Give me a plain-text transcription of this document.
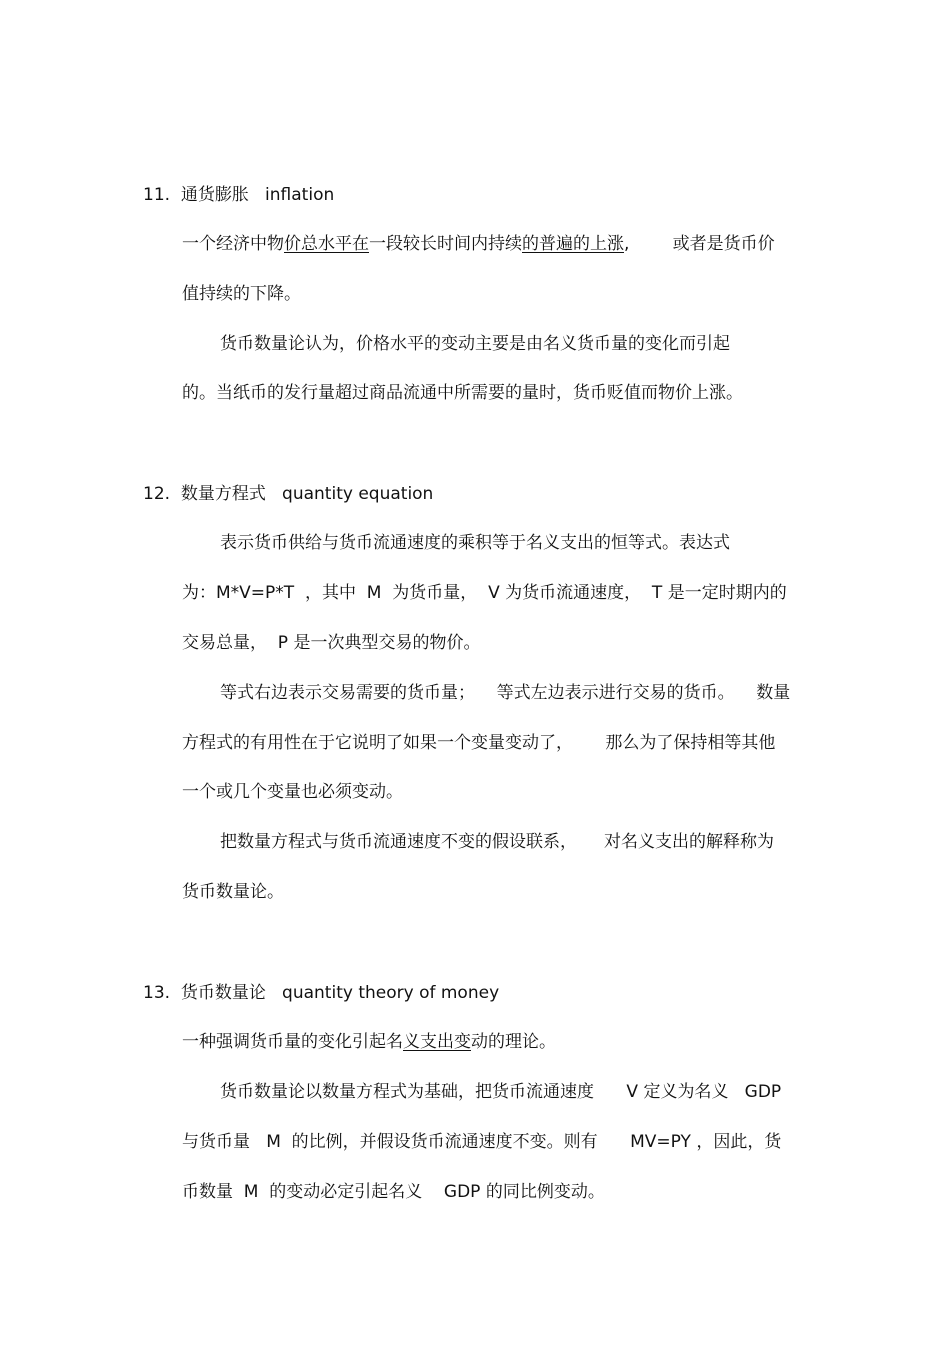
11.  通货膨胀   inflation
一个经济中物价总水平在一段较长时间内持续的普遍的上涨,        或者是货币价
值持续的下降。
货币数量论认为，价格水平的变动主要是由名义货币量的变化而引起
的。当纸币的发行量超过商品流通中所需要的量时，货币贬值而物价上涨。
12.  数量方程式   quantity equation
表示货币供给与货币流通速度的乘积等于名义支出的恒等式。表达式
为：M*V=P*T  ，其中  M  为货币量，  V 为货币流通速度，  T 是一定时期内的
交易总量，  P 是一次典型交易的物价。
等式右边表示交易需要的货币量；    等式左边表示进行交易的货币。    数量
方程式的有用性在于它说明了如果一个变量变动了，      那么为了保持相等其他
一个或几个变量也必须变动。
把数量方程式与货币流通速度不变的假设联系，     对名义支出的解释称为
货币数量论。
13.  货币数量论   quantity theory of money
一种强调货币量的变化引起名义支出变动的理论。
货币数量论以数量方程式为基础，把货币流通速度      V 定义为名义   GDP
与货币量   M  的比例，并假设货币流通速度不变。则有      MV=PY ，因此，货
币数量  M  的变动必定引起名义    GDP 的同比例变动。
